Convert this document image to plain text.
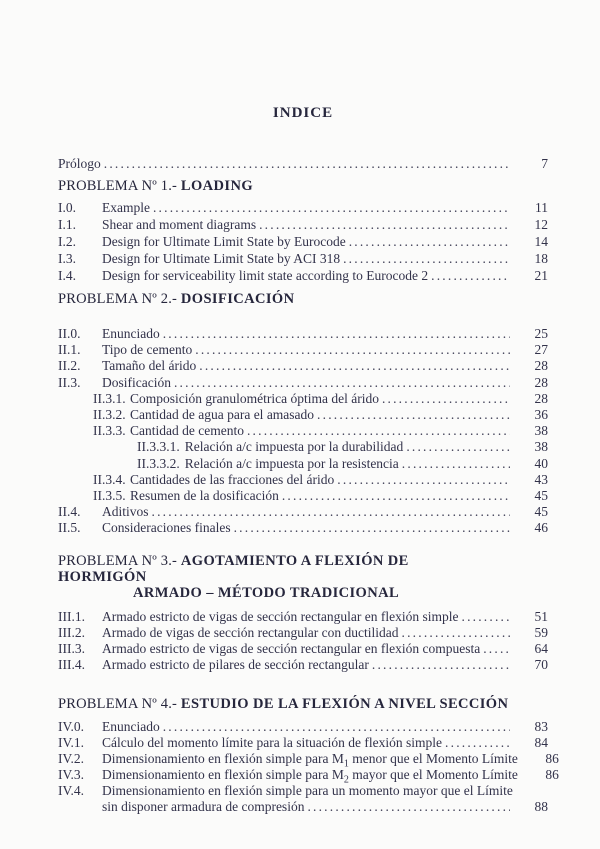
INDICE
Prólogo .....	7
PROBLEMA Nº 1.- LOADING
I.0.	Example .....	11
I.1.	Shear and moment diagrams .....	12
I.2.	Design for Ultimate Limit State by Eurocode .....	14
I.3.	Design for Ultimate Limit State by ACI 318 .....	18
I.4.	Design for serviceability limit state according to Eurocode 2 .....	21
PROBLEMA Nº 2.- DOSIFICACIÓN
II.0.	Enunciado .....	25
II.1.	Tipo de cemento .....	27
II.2.	Tamaño del árido .....	28
II.3.	Dosificación .....	28
II.3.1. Composición granulométrica óptima del árido .....	28
II.3.2. Cantidad de agua para el amasado .....	36
II.3.3. Cantidad de cemento .....	38
II.3.3.1. Relación a/c impuesta por la durabilidad .....	38
II.3.3.2. Relación a/c impuesta por la resistencia .....	40
II.3.4. Cantidades de las fracciones del árido .....	43
II.3.5. Resumen de la dosificación .....	45
II.4.	Aditivos .....	45
II.5.	Consideraciones finales .....	46
PROBLEMA Nº 3.- AGOTAMIENTO A FLEXIÓN DE HORMIGÓN
ARMADO – MÉTODO TRADICIONAL
III.1.	Armado estricto de vigas de sección rectangular en flexión simple .....	51
III.2.	Armado de vigas de sección rectangular con ductilidad .....	59
III.3.	Armado estricto de vigas de sección rectangular en flexión compuesta .....	64
III.4.	Armado estricto de pilares de sección rectangular .....	70
PROBLEMA Nº 4.- ESTUDIO DE LA FLEXIÓN A NIVEL SECCIÓN
IV.0.	Enunciado .....	83
IV.1.	Cálculo del momento límite para la situación de flexión simple .....	84
IV.2.	Dimensionamiento en flexión simple para $M_1$ menor que el Momento Límite .....	86
IV.3.	Dimensionamiento en flexión simple para $M_2$ mayor que el Momento Límite .....	86
IV.4.	Dimensionamiento en flexión simple para un momento mayor que el Límite
sin disponer armadura de compresión .....	88
